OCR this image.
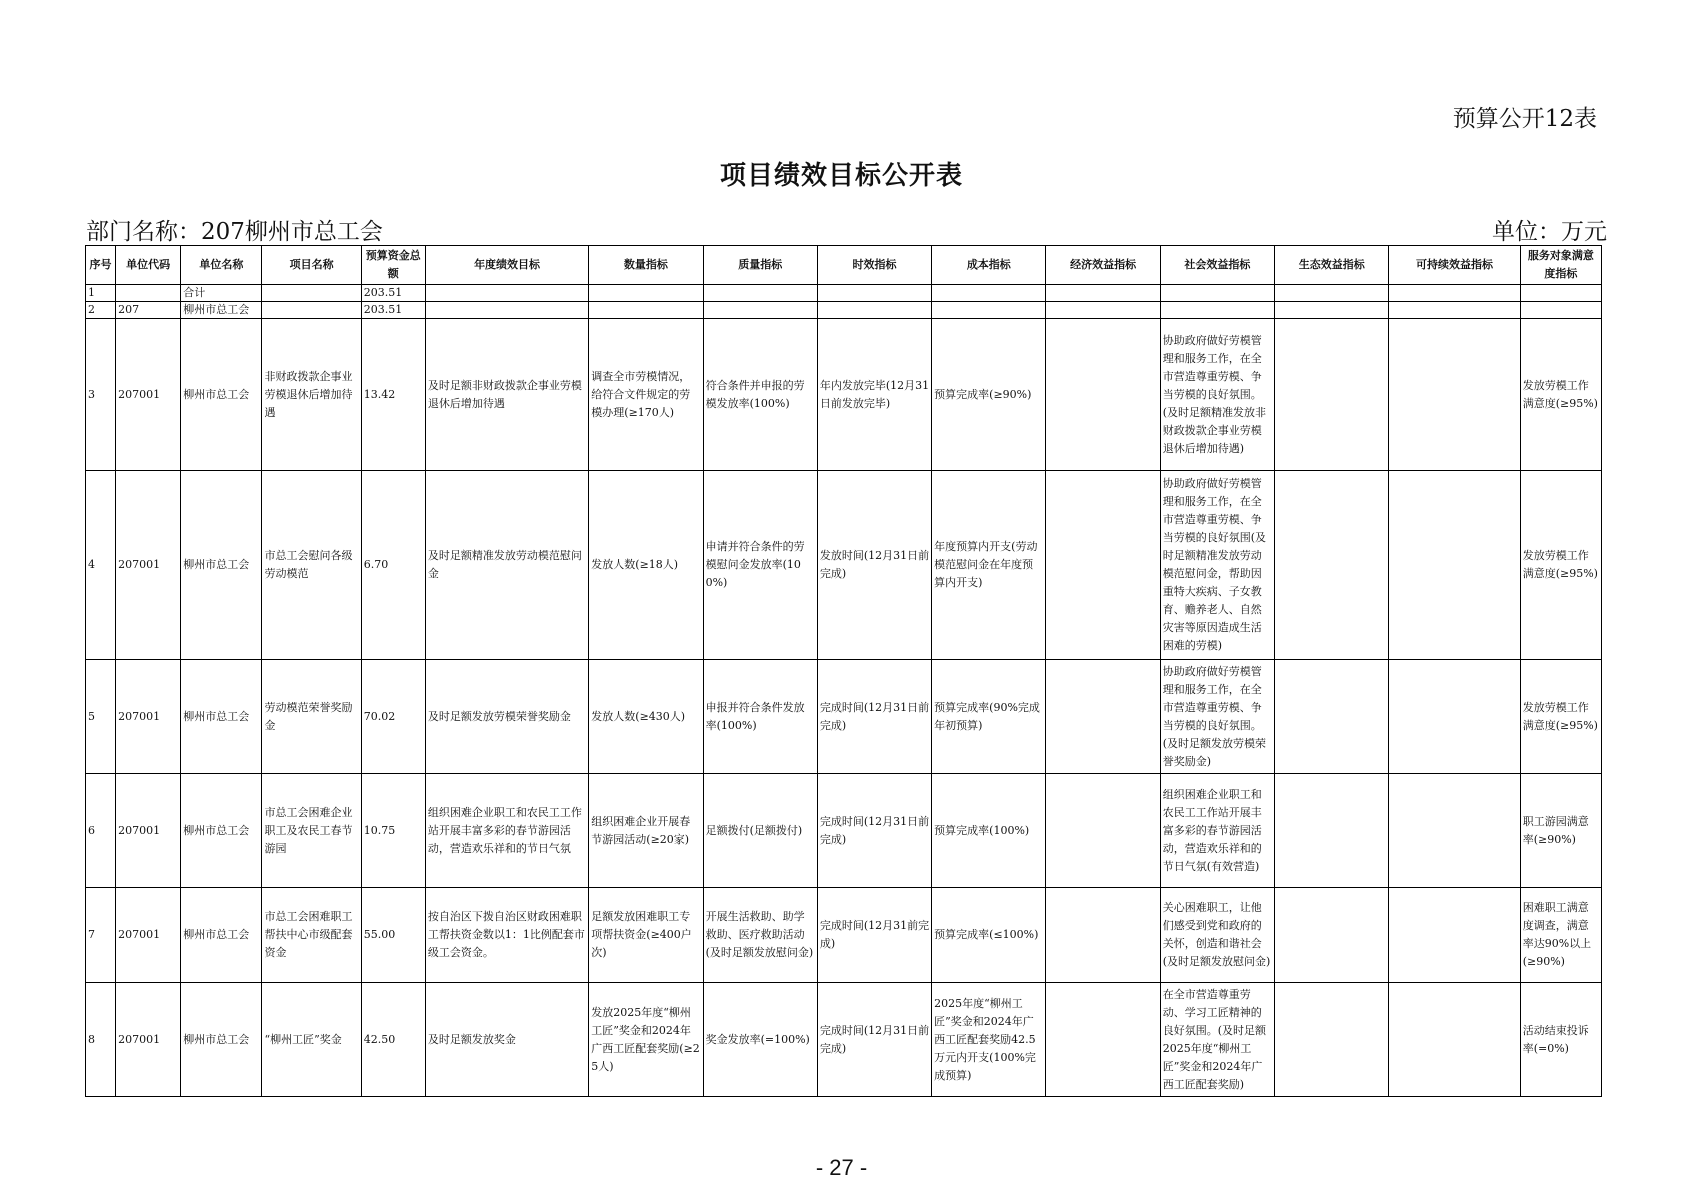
预算公开12表
项目绩效目标公开表
部门名称：207柳州市总工会	单位：万元
序号	单位代码	单位名称	项目名称	预算资金总额	年度绩效目标	数量指标	质量指标	时效指标	成本指标	经济效益指标	社会效益指标	生态效益指标	可持续效益指标	服务对象满意度指标
1		合计		203.51										
2	207	柳州市总工会		203.51										
3	207001	柳州市总工会	非财政拨款企事业劳模退休后增加待遇	13.42	及时足额非财政拨款企事业劳模退休后增加待遇	调查全市劳模情况，给符合文件规定的劳模办理(≥170人)	符合条件并申报的劳模发放率(100%)	年内发放完毕(12月31日前发放完毕)	预算完成率(≥90%)		协助政府做好劳模管理和服务工作，在全市营造尊重劳模、争当劳模的良好氛围。(及时足额精准发放非财政拨款企事业劳模退休后增加待遇)			发放劳模工作满意度(≥95%)
4	207001	柳州市总工会	市总工会慰问各级劳动模范	6.70	及时足额精准发放劳动模范慰问金	发放人数(≥18人)	申请并符合条件的劳模慰问金发放率(100%)	发放时间(12月31日前完成)	年度预算内开支(劳动模范慰问金在年度预算内开支)		协助政府做好劳模管理和服务工作，在全市营造尊重劳模、争当劳模的良好氛围(及时足额精准发放劳动模范慰问金，帮助因重特大疾病、子女教育、赡养老人、自然灾害等原因造成生活困难的劳模)			发放劳模工作满意度(≥95%)
5	207001	柳州市总工会	劳动模范荣誉奖励金	70.02	及时足额发放劳模荣誉奖励金	发放人数(≥430人)	申报并符合条件发放率(100%)	完成时间(12月31日前完成)	预算完成率(90%完成年初预算)		协助政府做好劳模管理和服务工作，在全市营造尊重劳模、争当劳模的良好氛围。(及时足额发放劳模荣誉奖励金)			发放劳模工作满意度(≥95%)
6	207001	柳州市总工会	市总工会困难企业职工及农民工春节游园	10.75	组织困难企业职工和农民工工作站开展丰富多彩的春节游园活动，营造欢乐祥和的节日气氛	组织困难企业开展春节游园活动(≥20家)	足额拨付(足额拨付)	完成时间(12月31日前完成)	预算完成率(100%)		组织困难企业职工和农民工工作站开展丰富多彩的春节游园活动，营造欢乐祥和的节日气氛(有效营造)			职工游园满意率(≥90%)
7	207001	柳州市总工会	市总工会困难职工帮扶中心市级配套资金	55.00	按自治区下拨自治区财政困难职工帮扶资金数以1：1比例配套市级工会资金。	足额发放困难职工专项帮扶资金(≥400户次)	开展生活救助、助学救助、医疗救助活动(及时足额发放慰问金)	完成时间(12月31前完成)	预算完成率(≤100%)		关心困难职工，让他们感受到党和政府的关怀，创造和谐社会(及时足额发放慰问金)			困难职工满意度调查，满意率达90%以上(≥90%)
8	207001	柳州市总工会	“柳州工匠”奖金	42.50	及时足额发放奖金	发放2025年度“柳州工匠”奖金和2024年广西工匠配套奖励(≥25人)	奖金发放率(=100%)	完成时间(12月31日前完成)	2025年度“柳州工匠”奖金和2024年广西工匠配套奖励42.5万元内开支(100%完成预算)		在全市营造尊重劳动、学习工匠精神的良好氛围。(及时足额2025年度“柳州工匠”奖金和2024年广西工匠配套奖励)			活动结束投诉率(=0%)
- 27 -
